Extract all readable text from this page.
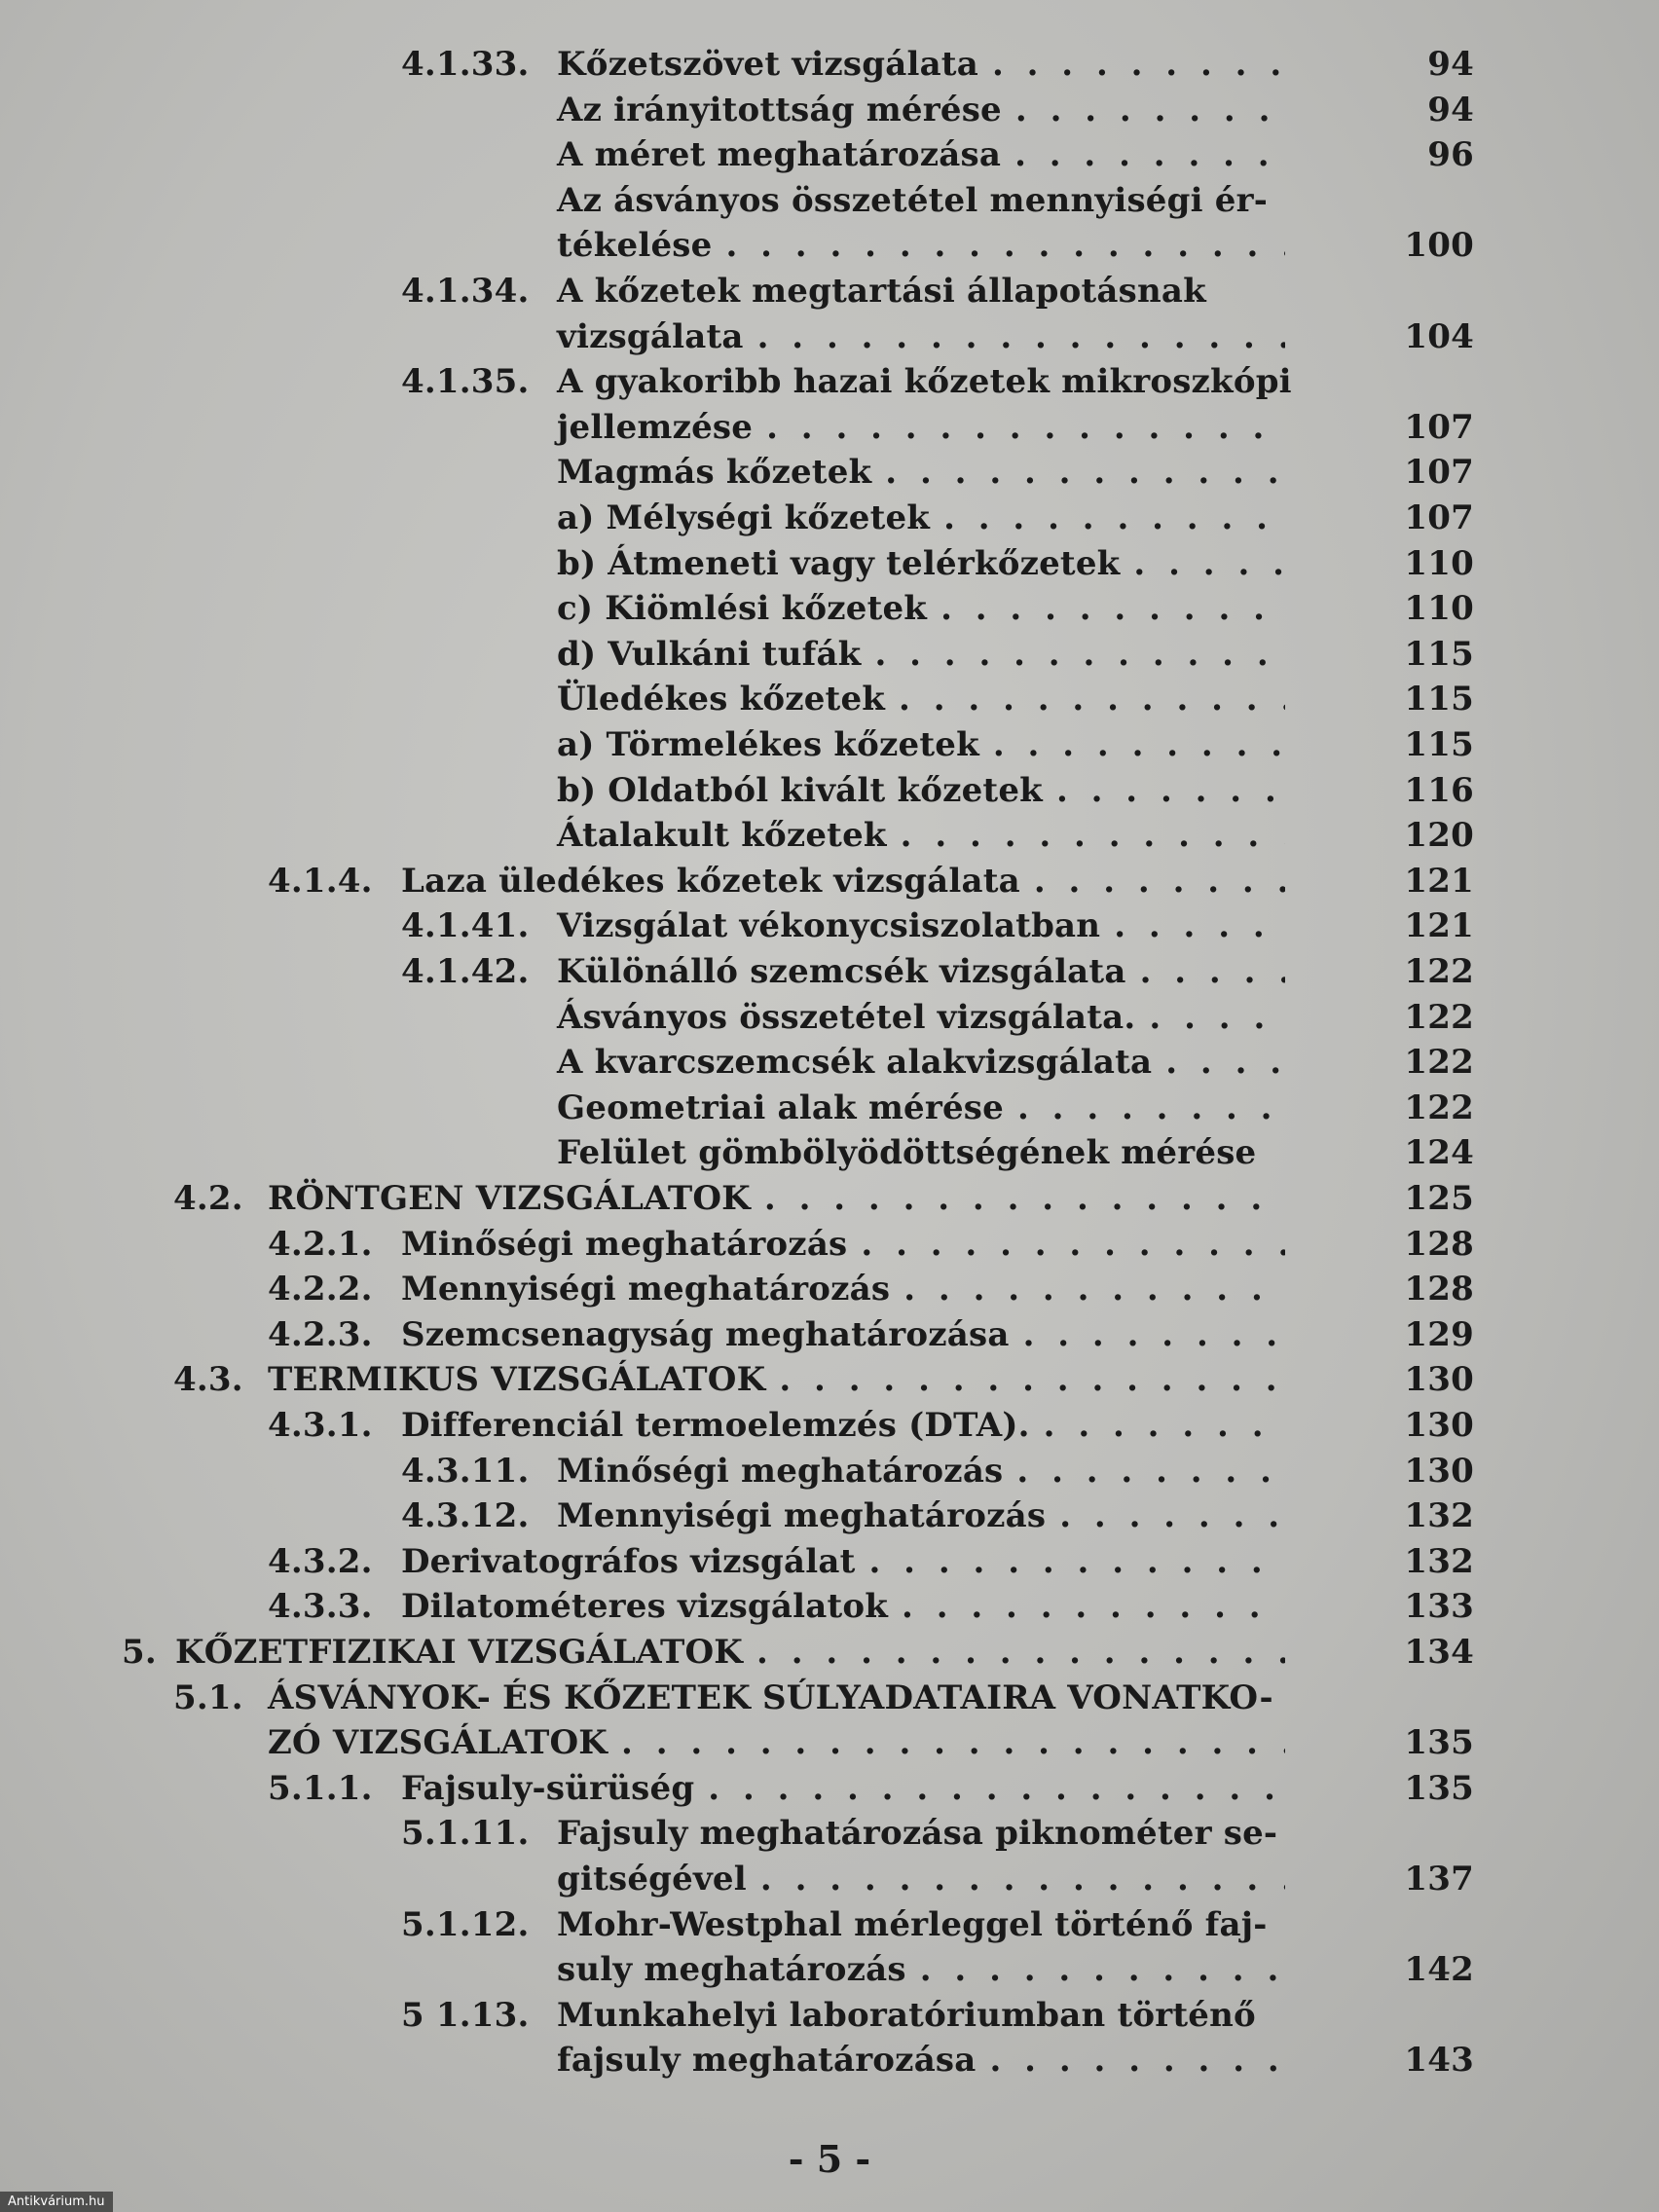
4.1.33. Kőzetszövet vizsgálata	94
. . .
Az irányitottság mérése	94
. . .
A méret meghatározása	96
. . .
Az ásványos összetétel mennyiségi ér-
tékelése	100
. . .
4.1.34. A kőzetek megtartási állapotásnak
vizsgálata	104
. . .
4.1.35. A gyakoribb hazai kőzetek mikroszkópi
jellemzése	107
. . .
Magmás kőzetek	107
. . .
a) Mélységi kőzetek	107
. . .
b) Átmeneti vagy telérkőzetek	110
. . .
c) Kiömlési kőzetek	110
. . .
d) Vulkáni tufák	115
. . .
Üledékes kőzetek	115
. . .
a) Törmelékes kőzetek	115
. . .
b) Oldatból kivált kőzetek	116
. . .
Átalakult kőzetek	120
. . .
4.1.4. Laza üledékes kőzetek vizsgálata	121
. . .
4.1.41. Vizsgálat vékonycsiszolatban	121
. . .
4.1.42. Különálló szemcsék vizsgálata	122
. . .
Ásványos összetétel vizsgálata.	122
. . .
A kvarcszemcsék alakvizsgálata	122
. . .
Geometriai alak mérése	122
. . .
Felület gömbölyödöttségének mérése	124
4.2. RÖNTGEN VIZSGÁLATOK	125
. . .
4.2.1. Minőségi meghatározás	128
. . .
4.2.2. Mennyiségi meghatározás	128
. . .
4.2.3. Szemcsenagyság meghatározása	129
. . .
4.3. TERMIKUS VIZSGÁLATOK	130
. . .
4.3.1. Differenciál termoelemzés (DTA).	130
. . .
4.3.11. Minőségi meghatározás	130
. . .
4.3.12. Mennyiségi meghatározás	132
. . .
4.3.2. Derivatográfos vizsgálat	132
. . .
4.3.3. Dilatométeres vizsgálatok	133
. . .
5. KŐZETFIZIKAI VIZSGÁLATOK	134
. . .
5.1. ÁSVÁNYOK- ÉS KŐZETEK SÚLYADATAIRA VONATKO-
ZÓ VIZSGÁLATOK	135
. . .
5.1.1. Fajsuly-sürüség	135
. . .
5.1.11. Fajsuly meghatározása piknométer se-
gitségével	137
. . .
5.1.12. Mohr-Westphal mérleggel történő faj-
suly meghatározás	142
. . .
5 1.13. Munkahelyi laboratóriumban történő
fajsuly meghatározása	143
. . .
- 5 -
Antikvárium.hu
